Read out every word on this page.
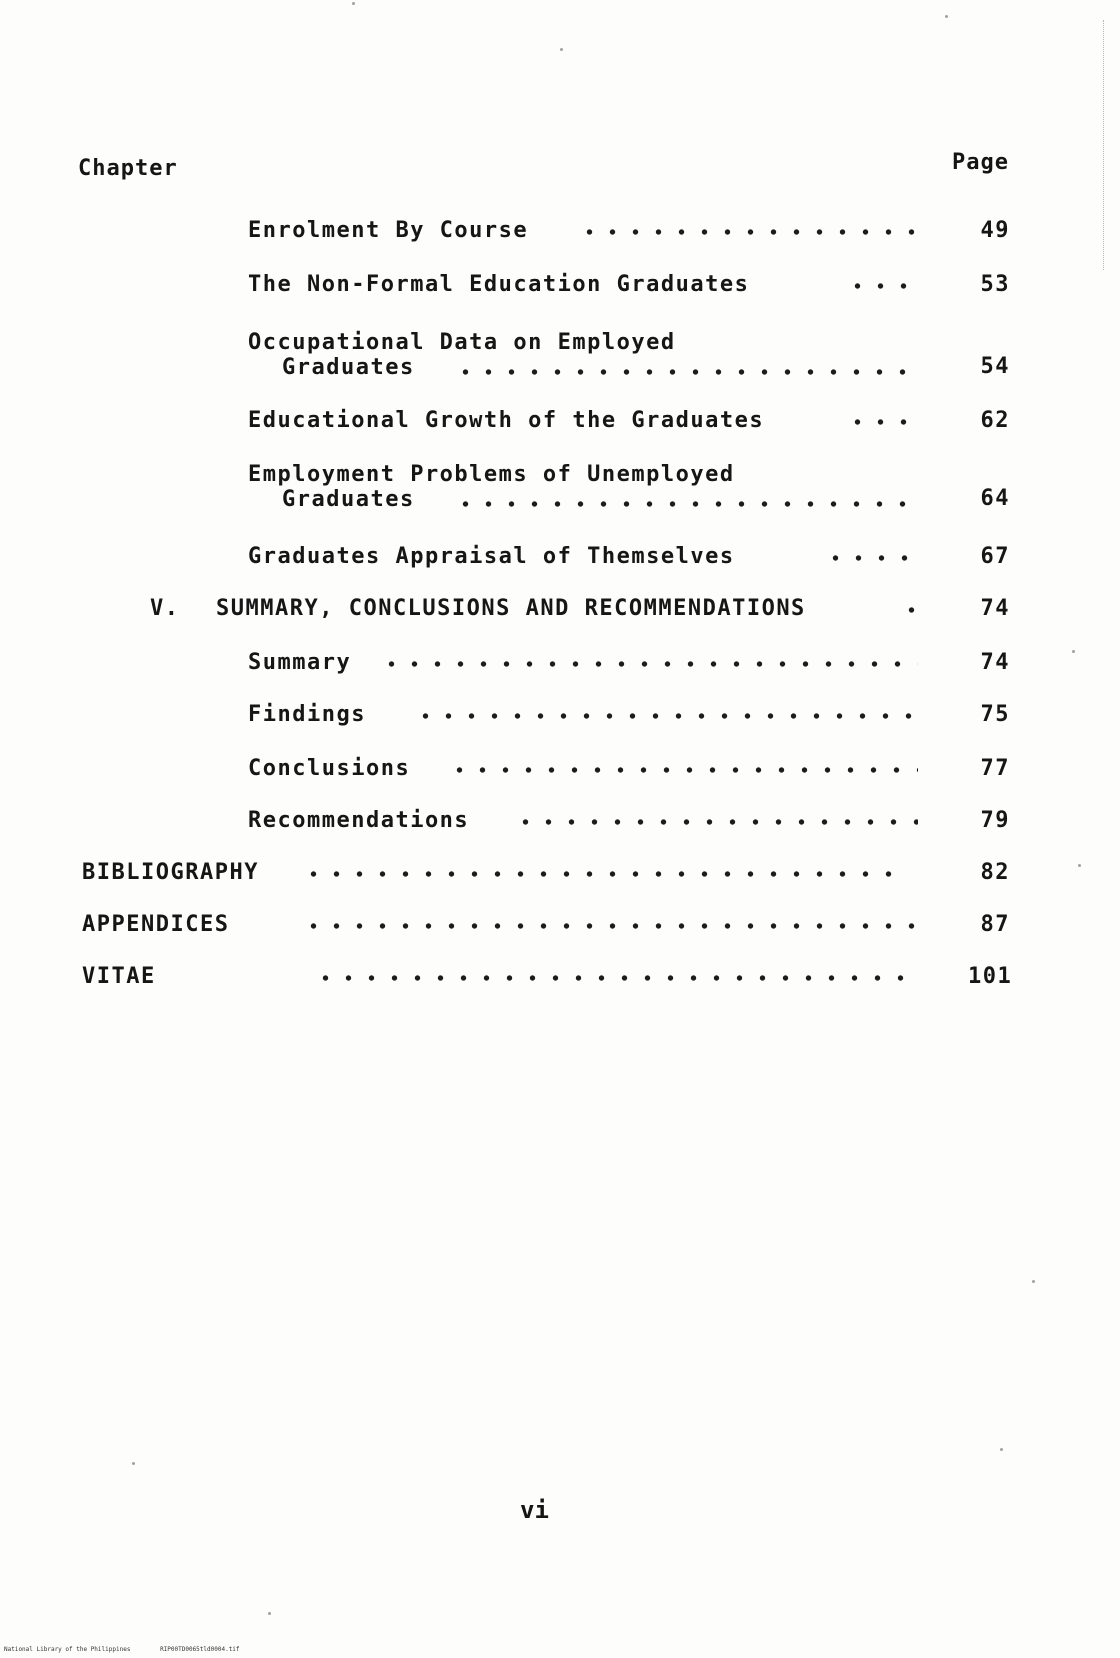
Chapter	Page
Enrolment By Course	49
The Non-Formal Education Graduates	53
Occupational Data on Employed
Graduates	54
Educational Growth of the Graduates	62
Employment Problems of Unemployed
Graduates	64
Graduates Appraisal of Themselves	67
V. SUMMARY, CONCLUSIONS AND RECOMMENDATIONS	74
Summary	74
Findings	75
Conclusions	77
Recommendations	79
BIBLIOGRAPHY	82
APPENDICES	87
VITAE	101
vi
National Library of the Philippines	RIP00TD0065tld0004.tif
